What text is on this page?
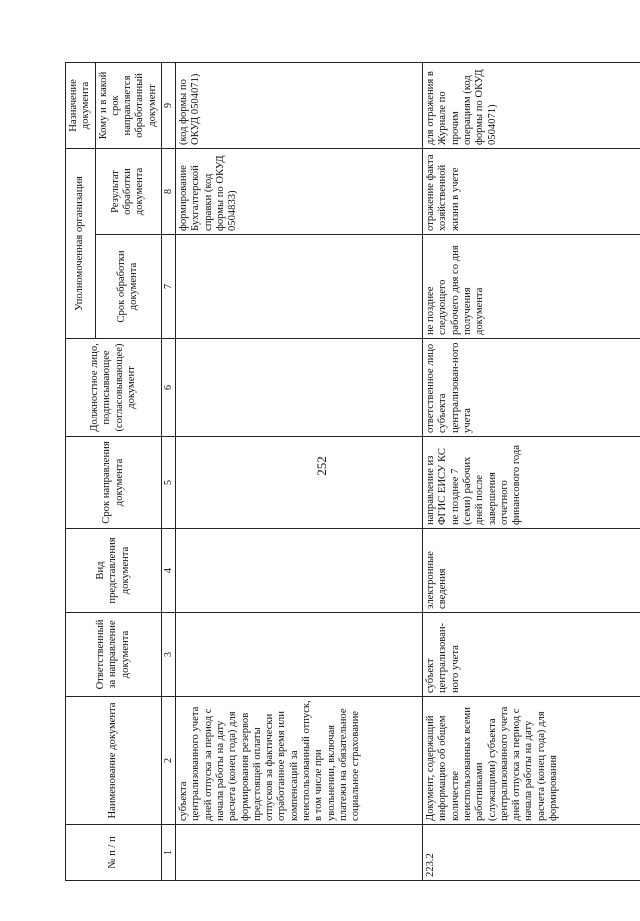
252
№ п / п	Наименование документа	Ответственный за направление документа	Вид представления документа	Срок направления документа	Должностное лицо, подписывающее (согласовывающее) документ	Уполномоченная организация		Назначение документа
						Срок обработки документа	Результат обработки документа	Кому и в какой срок направляется обработанный документ
1	2	3	4	5	6	7	8	9
	субъекта централизованного учета дней отпуска за период с начала работы на дату расчета (конец года) для формирования резервов предстоящей оплаты отпусков за фактически отработанное время или компенсаций за неиспользованный отпуск, в том числе при увольнении, включая платежи на обязательное социальное страхование						формирование Бухгалтерской справки (код формы по ОКУД 0504833)	(код формы по ОКУД 0504071)
223.2	Документ, содержащий информацию об общем количестве неиспользованных всеми работниками (служащими) субъекта централизованного учета дней отпуска за период с начала работы на дату расчета (конец года) для формирования	субъект централизован-ного учета	электронные сведения	направление из ФГИС ЕИСУ КС не позднее 7 (семи) рабочих дней после завершения отчетного финансового года	ответственное лицо субъекта централизован-ного учета	не позднее следующего рабочего дня со дня получения документа	отражение факта хозяйственной жизни в учете	для отражения в Журнале по прочим операциям (код формы по ОКУД 0504071)
